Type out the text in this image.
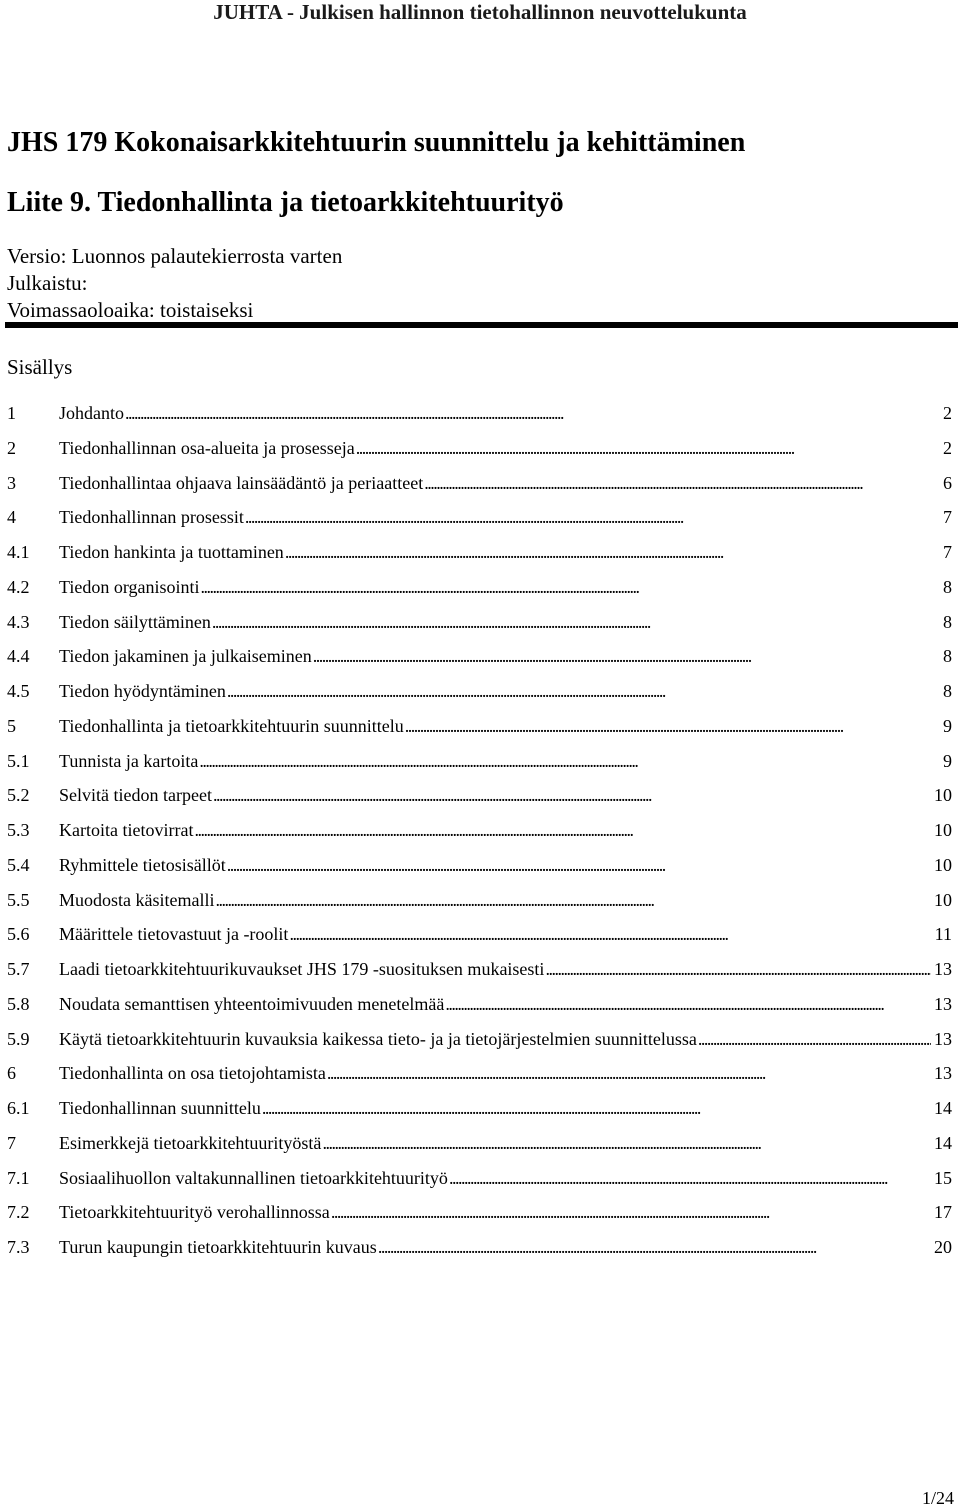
JUHTA - Julkisen hallinnon tietohallinnon neuvottelukunta
JHS 179 Kokonaisarkkitehtuurin suunnittelu ja kehittäminen
Liite 9. Tiedonhallinta ja tietoarkkitehtuurityö
Versio: Luonnos palautekierrosta varten
Julkaistu:
Voimassaoloaika: toistaiseksi
Sisällys
1	Johdanto . . .	2
2	Tiedonhallinnan osa-alueita ja prosesseja . . .	2
3	Tiedonhallintaa ohjaava lainsäädäntö ja periaatteet . . .	6
4	Tiedonhallinnan prosessit . . .	7
4.1	Tiedon hankinta ja tuottaminen . . .	7
4.2	Tiedon organisointi . . .	8
4.3	Tiedon säilyttäminen . . .	8
4.4	Tiedon jakaminen ja julkaiseminen . . .	8
4.5	Tiedon hyödyntäminen . . .	8
5	Tiedonhallinta ja tietoarkkitehtuurin suunnittelu . . .	9
5.1	Tunnista ja kartoita . . .	9
5.2	Selvitä tiedon tarpeet . . .	10
5.3	Kartoita tietovirrat . . .	10
5.4	Ryhmittele tietosisällöt . . .	10
5.5	Muodosta käsitemalli . . .	10
5.6	Määrittele tietovastuut ja -roolit . . .	11
5.7	Laadi tietoarkkitehtuurikuvaukset JHS 179 -suosituksen mukaisesti . . .	13
5.8	Noudata semanttisen yhteentoimivuuden menetelmää . . .	13
5.9	Käytä tietoarkkitehtuurin kuvauksia kaikessa tieto- ja ja tietojärjestelmien suunnittelussa . . .	13
6	Tiedonhallinta on osa tietojohtamista . . .	13
6.1	Tiedonhallinnan suunnittelu . . .	14
7	Esimerkkejä tietoarkkitehtuurityöstä . . .	14
7.1	Sosiaalihuollon valtakunnallinen tietoarkkitehtuurityö . . .	15
7.2	Tietoarkkitehtuurityö verohallinnossa . . .	17
7.3	Turun kaupungin tietoarkkitehtuurin kuvaus . . .	20
1/24
